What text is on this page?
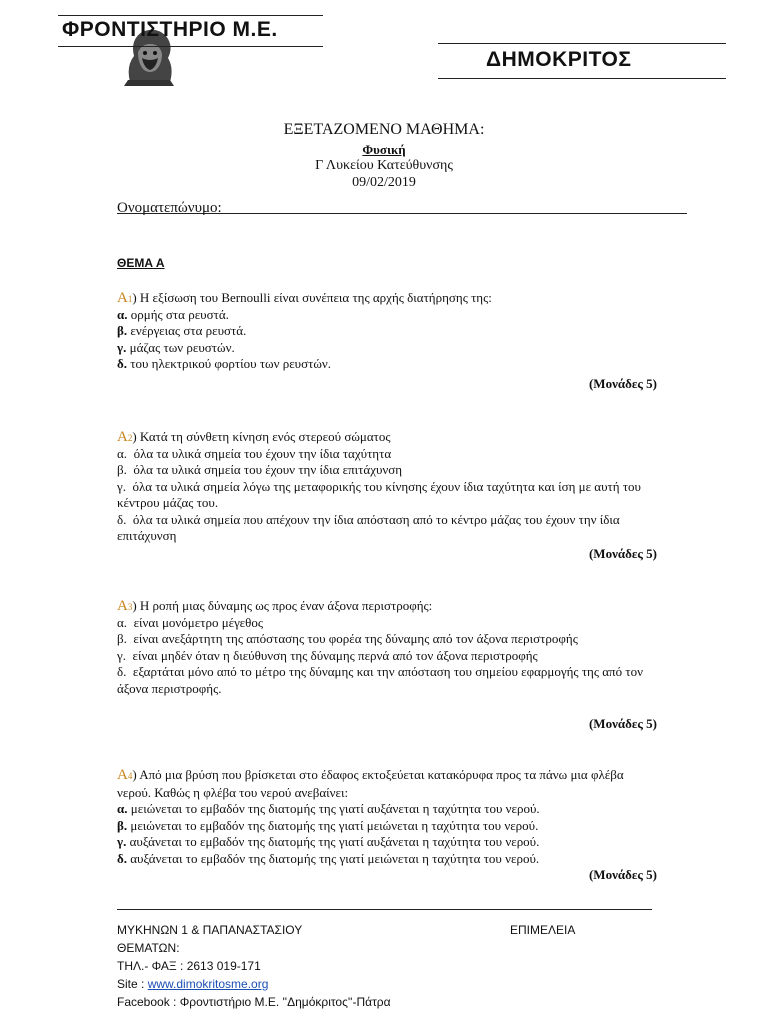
ΦΡΟΝΤΙΣΤΗΡΙΟ Μ.Ε.
ΔΗΜΟΚΡΙΤΟΣ
ΕΞΕΤΑΖΟΜΕΝΟ ΜΑΘΗΜΑ:
Φυσική
Γ Λυκείου Κατεύθυνσης
09/02/2019
Ονοματεπώνυμο:
ΘΕΜΑ Α
Α1) Η εξίσωση του Bernoulli είναι συνέπεια της αρχής διατήρησης της:
α. ορμής στα ρευστά.
β. ενέργειας στα ρευστά.
γ. μάζας των ρευστών.
δ. του ηλεκτρικού φορτίου των ρευστών.
(Μονάδες 5)
Α2) Κατά τη σύνθετη κίνηση ενός στερεού σώματος
α. όλα τα υλικά σημεία του έχουν την ίδια ταχύτητα
β. όλα τα υλικά σημεία του έχουν την ίδια επιτάχυνση
γ. όλα τα υλικά σημεία λόγω της μεταφορικής του κίνησης έχουν ίδια ταχύτητα και ίση με αυτή του κέντρου μάζας του.
δ. όλα τα υλικά σημεία που απέχουν την ίδια απόσταση από το κέντρο μάζας του έχουν την ίδια επιτάχυνση
(Μονάδες 5)
Α3) Η ροπή μιας δύναμης ως προς έναν άξονα περιστροφής:
α. είναι μονόμετρο μέγεθος
β. είναι ανεξάρτητη της απόστασης του φορέα της δύναμης από τον άξονα περιστροφής
γ. είναι μηδέν όταν η διεύθυνση της δύναμης περνά από τον άξονα περιστροφής
δ. εξαρτάται μόνο από το μέτρο της δύναμης και την απόσταση του σημείου εφαρμογής της από τον άξονα περιστροφής.
(Μονάδες 5)
Α4) Από μια βρύση που βρίσκεται στο έδαφος εκτοξεύεται κατακόρυφα προς τα πάνω μια φλέβα νερού. Καθώς η φλέβα του νερού ανεβαίνει:
α. μειώνεται το εμβαδόν της διατομής της γιατί αυξάνεται η ταχύτητα του νερού.
β. μειώνεται το εμβαδόν της διατομής της γιατί μειώνεται η ταχύτητα του νερού.
γ. αυξάνεται το εμβαδόν της διατομής της γιατί αυξάνεται η ταχύτητα του νερού.
δ. αυξάνεται το εμβαδόν της διατομής της γιατί μειώνεται η ταχύτητα του νερού.
(Μονάδες 5)
ΜΥΚΗΝΩΝ 1 & ΠΑΠΑΝΑΣΤΑΣΙΟΥ	ΕΠΙΜΕΛΕΙΑ
ΘΕΜΑΤΩΝ:
ΤΗΛ.- ΦΑΞ : 2613 019-171
Site : www.dimokritosme.org
Facebook : Φροντιστήριο Μ.Ε. ''Δημόκριτος''-Πάτρα
